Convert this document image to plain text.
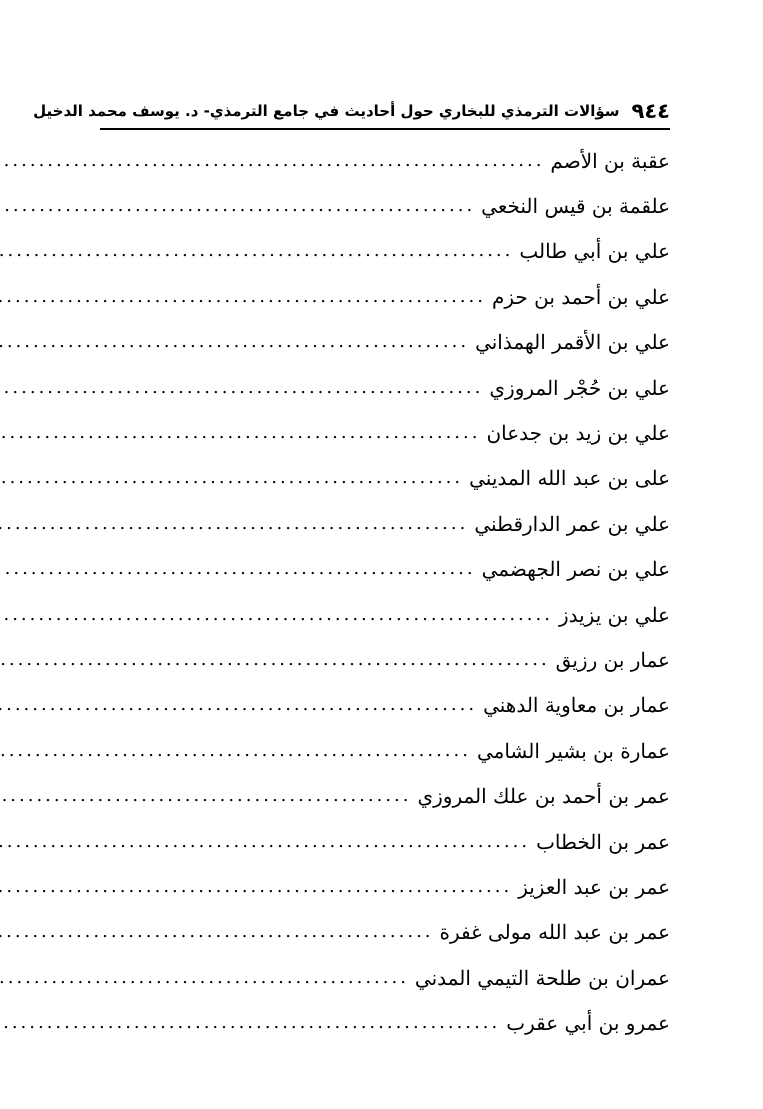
٩٤٤
سؤالات الترمذي للبخاري حول أحاديث في جامع الترمذي- د. يوسف محمد الدخيل
عقبة بن الأصم
.....
علقمة بن قيس النخعي
.....
علي بن أبي طالب
.....
علي بن أحمد بن حزم
.....
علي بن الأقمر الهمذاني
.....
علي بن حُجْر المروزي
.....
علي بن زيد بن جدعان
.....
على بن عبد الله المديني
.....
علي بن عمر الدارقطني
.....
علي بن نصر الجهضمي
.....
علي بن يزيدز
.....
عمار بن رزيق
.....
عمار بن معاوية الدهني
.....
عمارة بن بشير الشامي
.....
عمر بن أحمد بن علك المروزي
.....
عمر بن الخطاب
.....
عمر بن عبد العزيز
.....
عمر بن عبد الله مولى غفرة
.....
عمران بن طلحة التيمي المدني
.....
عمرو بن أبي عقرب
.....
